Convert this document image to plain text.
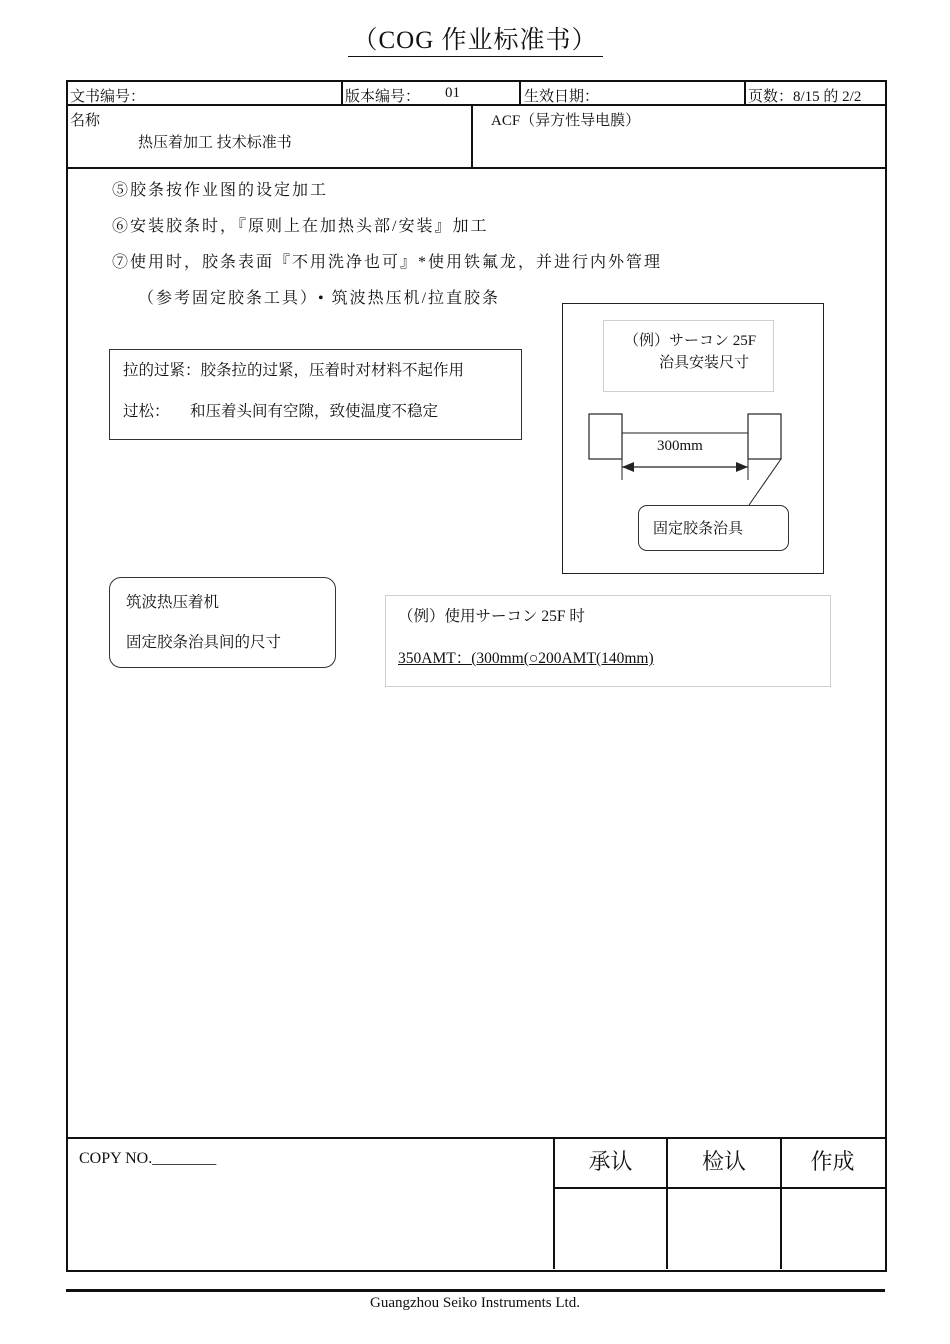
（COG 作业标准书）
文书编号：	版本编号： 01	生效日期：	页数：8/15 的 2/2
名称
热压着加工 技术标准书
ACF（异方性导电膜）
⑤胶条按作业图的设定加工
⑥安装胶条时，『原则上在加热头部/安装』加工
⑦使用时，胶条表面『不用洗净也可』*使用铁氟龙，并进行内外管理
（参考固定胶条工具）• 筑波热压机/拉直胶条
拉的过紧：胶条拉的过紧，压着时对材料不起作用
过松： 和压着头间有空隙，致使温度不稳定
（例）サーコン 25F
治具安装尺寸
300mm
固定胶条治具
筑波热压着机
固定胶条治具间的尺寸
（例）使用サーコン 25F 时
350AMT：(300mm(○200AMT(140mm)
COPY NO.________	承认	检认	作成
Guangzhou Seiko Instruments Ltd.
